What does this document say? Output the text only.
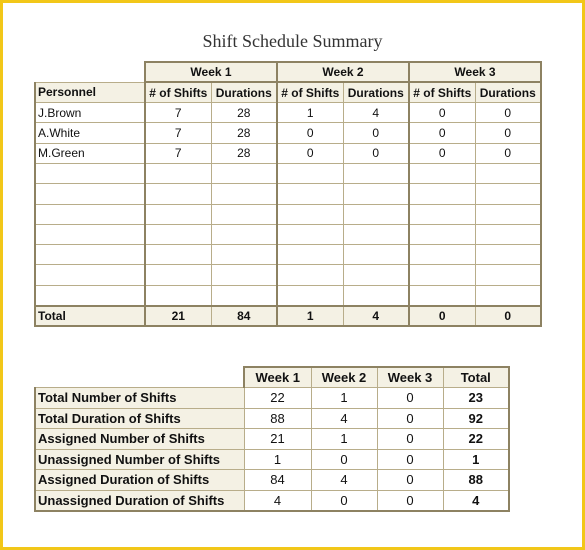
Shift Schedule Summary
	Week 1		Week 2		Week 3	
Personnel	# of Shifts	Durations	# of Shifts	Durations	# of Shifts	Durations
J.Brown	7	28	1	4	0	0
A.White	7	28	0	0	0	0
M.Green	7	28	0	0	0	0

Total	21	84	1	4	0	0
	Week 1	Week 2	Week 3	Total
Total Number of Shifts	22	1	0	23
Total Duration of Shifts	88	4	0	92
Assigned Number of Shifts	21	1	0	22
Unassigned Number of Shifts	1	0	0	1
Assigned Duration of Shifts	84	4	0	88
Unassigned Duration of Shifts	4	0	0	4
